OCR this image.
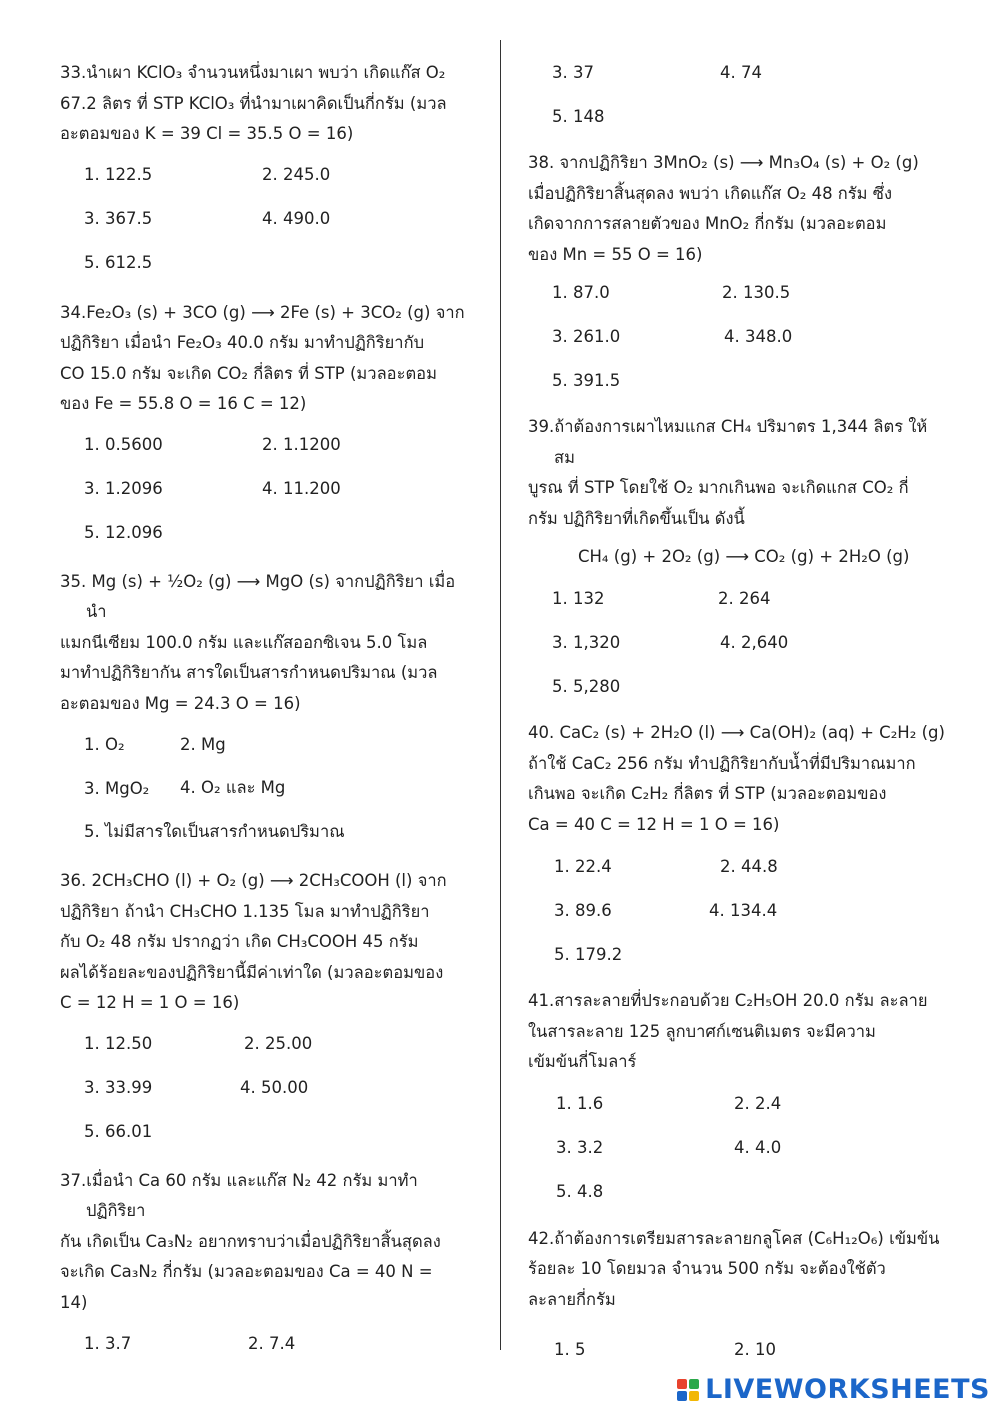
33.นำเผา KClO₃ จำนวนหนึ่งมาเผา พบว่า เกิดแก๊ส O₂

67.2 ลิตร ที่ STP KClO₃ ที่นำมาเผาคิดเป็นกี่กรัม (มวล

อะตอมของ K = 39 Cl = 35.5 O = 16)

1. 122.5	2. 245.0
3. 367.5	4. 490.0
5. 612.5

34.Fe₂O₃ (s) + 3CO (g) ⟶ 2Fe (s) + 3CO₂ (g) จาก

ปฏิกิริยา เมื่อนำ Fe₂O₃ 40.0 กรัม มาทำปฏิกิริยากับ

CO 15.0 กรัม จะเกิด CO₂ กี่ลิตร ที่ STP (มวลอะตอม

ของ Fe = 55.8 O = 16 C = 12)

1. 0.5600	2. 1.1200
3. 1.2096	4. 11.200
5. 12.096

35. Mg (s) + ½O₂ (g) ⟶ MgO (s) จากปฏิกิริยา เมื่อนำ

แมกนีเซียม 100.0 กรัม และแก๊สออกซิเจน 5.0 โมล

มาทำปฏิกิริยากัน สารใดเป็นสารกำหนดปริมาณ (มวล

อะตอมของ Mg = 24.3 O = 16)

1. O₂	2. Mg
3. MgO₂	4. O₂ และ Mg
5. ไม่มีสารใดเป็นสารกำหนดปริมาณ

36. 2CH₃CHO (l) + O₂ (g) ⟶ 2CH₃COOH (l) จาก

ปฏิกิริยา ถ้านำ CH₃CHO 1.135 โมล มาทำปฏิกิริยา

กับ O₂ 48 กรัม ปรากฏว่า เกิด CH₃COOH 45 กรัม

ผลได้ร้อยละของปฏิกิริยานี้มีค่าเท่าใด (มวลอะตอมของ

C = 12 H = 1 O = 16)

1. 12.50	2. 25.00
3. 33.99	4. 50.00
5. 66.01

37.เมื่อนำ Ca 60 กรัม และแก๊ส N₂ 42 กรัม มาทำปฏิกิริยา

กัน เกิดเป็น Ca₃N₂ อยากทราบว่าเมื่อปฏิกิริยาสิ้นสุดลง

จะเกิด Ca₃N₂ กี่กรัม (มวลอะตอมของ Ca = 40 N =

14)

1. 3.7	2. 7.4
3. 37	4. 74
5. 148

38. จากปฏิกิริยา 3MnO₂ (s) ⟶ Mn₃O₄ (s) + O₂ (g)

เมื่อปฏิกิริยาสิ้นสุดลง พบว่า เกิดแก๊ส O₂ 48 กรัม ซึ่ง

เกิดจากการสลายตัวของ MnO₂ กี่กรัม (มวลอะตอม

ของ Mn = 55 O = 16)

1. 87.0	2. 130.5
3. 261.0	4. 348.0
5. 391.5

39.ถ้าต้องการเผาไหมแกส CH₄ ปริมาตร 1,344 ลิตร ให้สม

บูรณ ที่ STP โดยใช้ O₂ มากเกินพอ จะเกิดแกส CO₂ กี่

กรัม ปฏิกิริยาที่เกิดขึ้นเป็น ดังนี้

CH₄ (g) + 2O₂ (g) ⟶ CO₂ (g) + 2H₂O (g)
1. 132	2. 264
3. 1,320	4. 2,640
5. 5,280

40. CaC₂ (s) + 2H₂O (l) ⟶ Ca(OH)₂ (aq) + C₂H₂ (g)

ถ้าใช้ CaC₂ 256 กรัม ทำปฏิกิริยากับน้ำที่มีปริมาณมาก

เกินพอ จะเกิด C₂H₂ กี่ลิตร ที่ STP (มวลอะตอมของ

Ca = 40 C = 12 H = 1 O = 16)

1. 22.4	2. 44.8
3. 89.6	4. 134.4
5. 179.2

41.สารละลายที่ประกอบด้วย C₂H₅OH 20.0 กรัม ละลาย

ในสารละลาย 125 ลูกบาศก์เซนติเมตร จะมีความ

เข้มข้นกี่โมลาร์

1. 1.6	2. 2.4
3. 3.2	4. 4.0
5. 4.8

42.ถ้าต้องการเตรียมสารละลายกลูโคส (C₆H₁₂O₆) เข้มข้น

ร้อยละ 10 โดยมวล จำนวน 500 กรัม จะต้องใช้ตัว

ละลายกี่กรัม

1. 5	2. 10
LIVEWORKSHEETS
